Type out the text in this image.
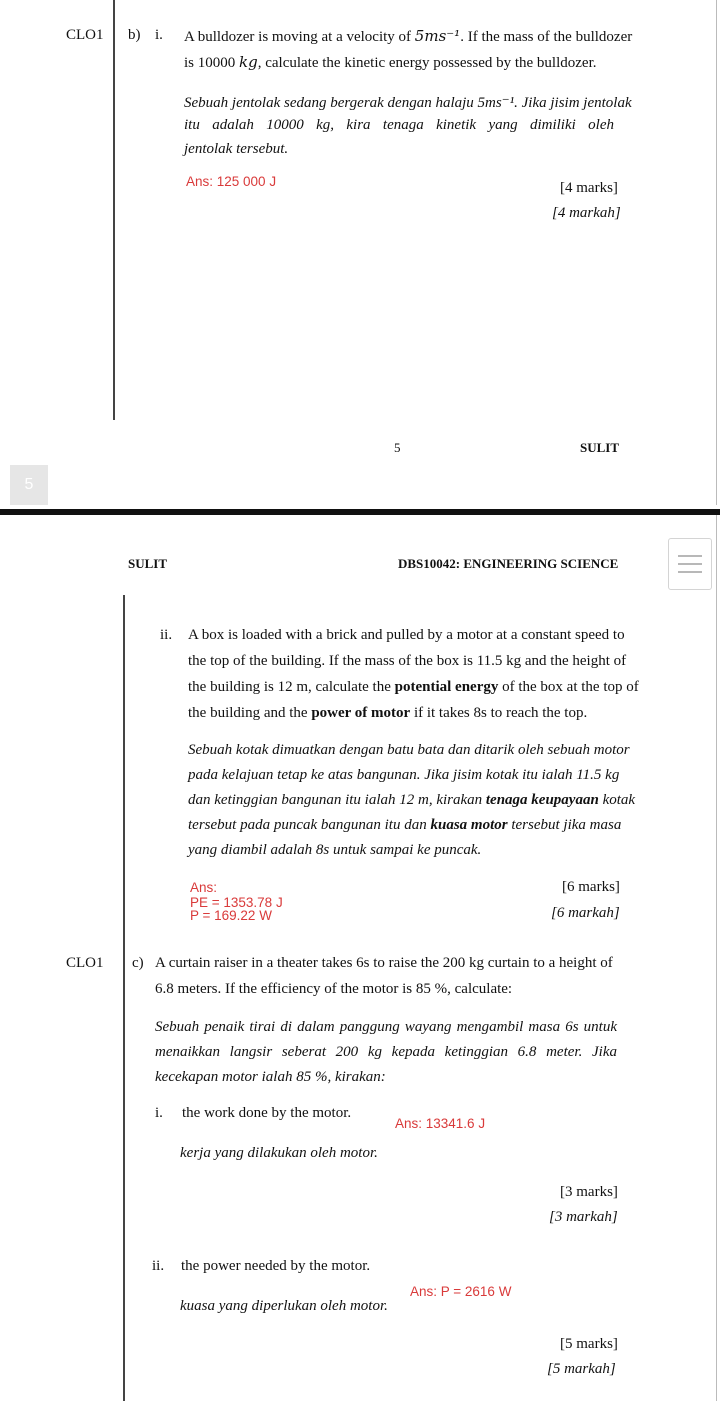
CLO1 b) i. A bulldozer is moving at a velocity of 5ms⁻¹. If the mass of the bulldozer
is 10000 kg, calculate the kinetic energy possessed by the bulldozer.
Sebuah jentolak sedang bergerak dengan halaju 5ms⁻¹. Jika jisim jentolak
itu adalah 10000 kg, kira tenaga kinetik yang dimiliki oleh
jentolak tersebut.
Ans: 125 000 J	[4 marks]
[4 markah]
5	SULIT
5
SULIT	DBS10042: ENGINEERING SCIENCE
ii. A box is loaded with a brick and pulled by a motor at a constant speed to
the top of the building. If the mass of the box is 11.5 kg and the height of
the building is 12 m, calculate the potential energy of the box at the top of
the building and the power of motor if it takes 8s to reach the top.
Sebuah kotak dimuatkan dengan batu bata dan ditarik oleh sebuah motor
pada kelajuan tetap ke atas bangunan. Jika jisim kotak itu ialah 11.5 kg
dan ketinggian bangunan itu ialah 12 m, kirakan tenaga keupayaan kotak
tersebut pada puncak bangunan itu dan kuasa motor tersebut jika masa
yang diambil adalah 8s untuk sampai ke puncak.
Ans:
PE = 1353.78 J
P = 169.22 W
[6 marks]
[6 markah]
CLO1 c) A curtain raiser in a theater takes 6s to raise the 200 kg curtain to a height of
6.8 meters. If the efficiency of the motor is 85 %, calculate:
Sebuah penaik tirai di dalam panggung wayang mengambil masa 6s untuk
menaikkan langsir seberat 200 kg kepada ketinggian 6.8 meter. Jika
kecekapan motor ialah 85 %, kirakan:
i. the work done by the motor.
Ans: 13341.6 J
kerja yang dilakukan oleh motor.
[3 marks]
[3 markah]
ii. the power needed by the motor.
Ans: P = 2616 W
kuasa yang diperlukan oleh motor.
[5 marks]
[5 markah]
